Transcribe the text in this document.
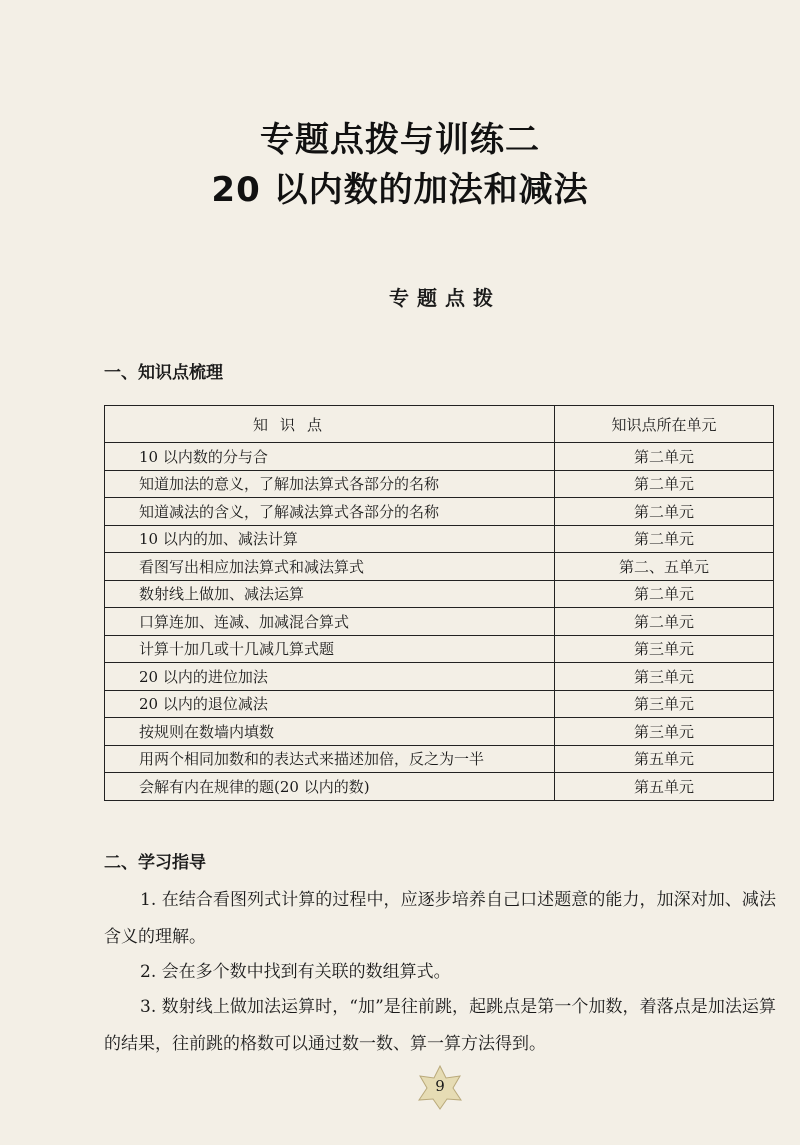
专题点拨与训练二
20 以内数的加法和减法
专题点拨
一、知识点梳理
知识点	知识点所在单元
10 以内数的分与合	第二单元
知道加法的意义，了解加法算式各部分的名称	第二单元
知道减法的含义，了解减法算式各部分的名称	第二单元
10 以内的加、减法计算	第二单元
看图写出相应加法算式和减法算式	第二、五单元
数射线上做加、减法运算	第二单元
口算连加、连减、加减混合算式	第二单元
计算十加几或十几减几算式题	第三单元
20 以内的进位加法	第三单元
20 以内的退位减法	第三单元
按规则在数墙内填数	第三单元
用两个相同加数和的表达式来描述加倍，反之为一半	第五单元
会解有内在规律的题(20 以内的数)	第五单元
二、学习指导
1. 在结合看图列式计算的过程中，应逐步培养自己口述题意的能力，加深对加、减法含义的理解。
2. 会在多个数中找到有关联的数组算式。
3. 数射线上做加法运算时，“加”是往前跳，起跳点是第一个加数，着落点是加法运算的结果，往前跳的格数可以通过数一数、算一算方法得到。
9
